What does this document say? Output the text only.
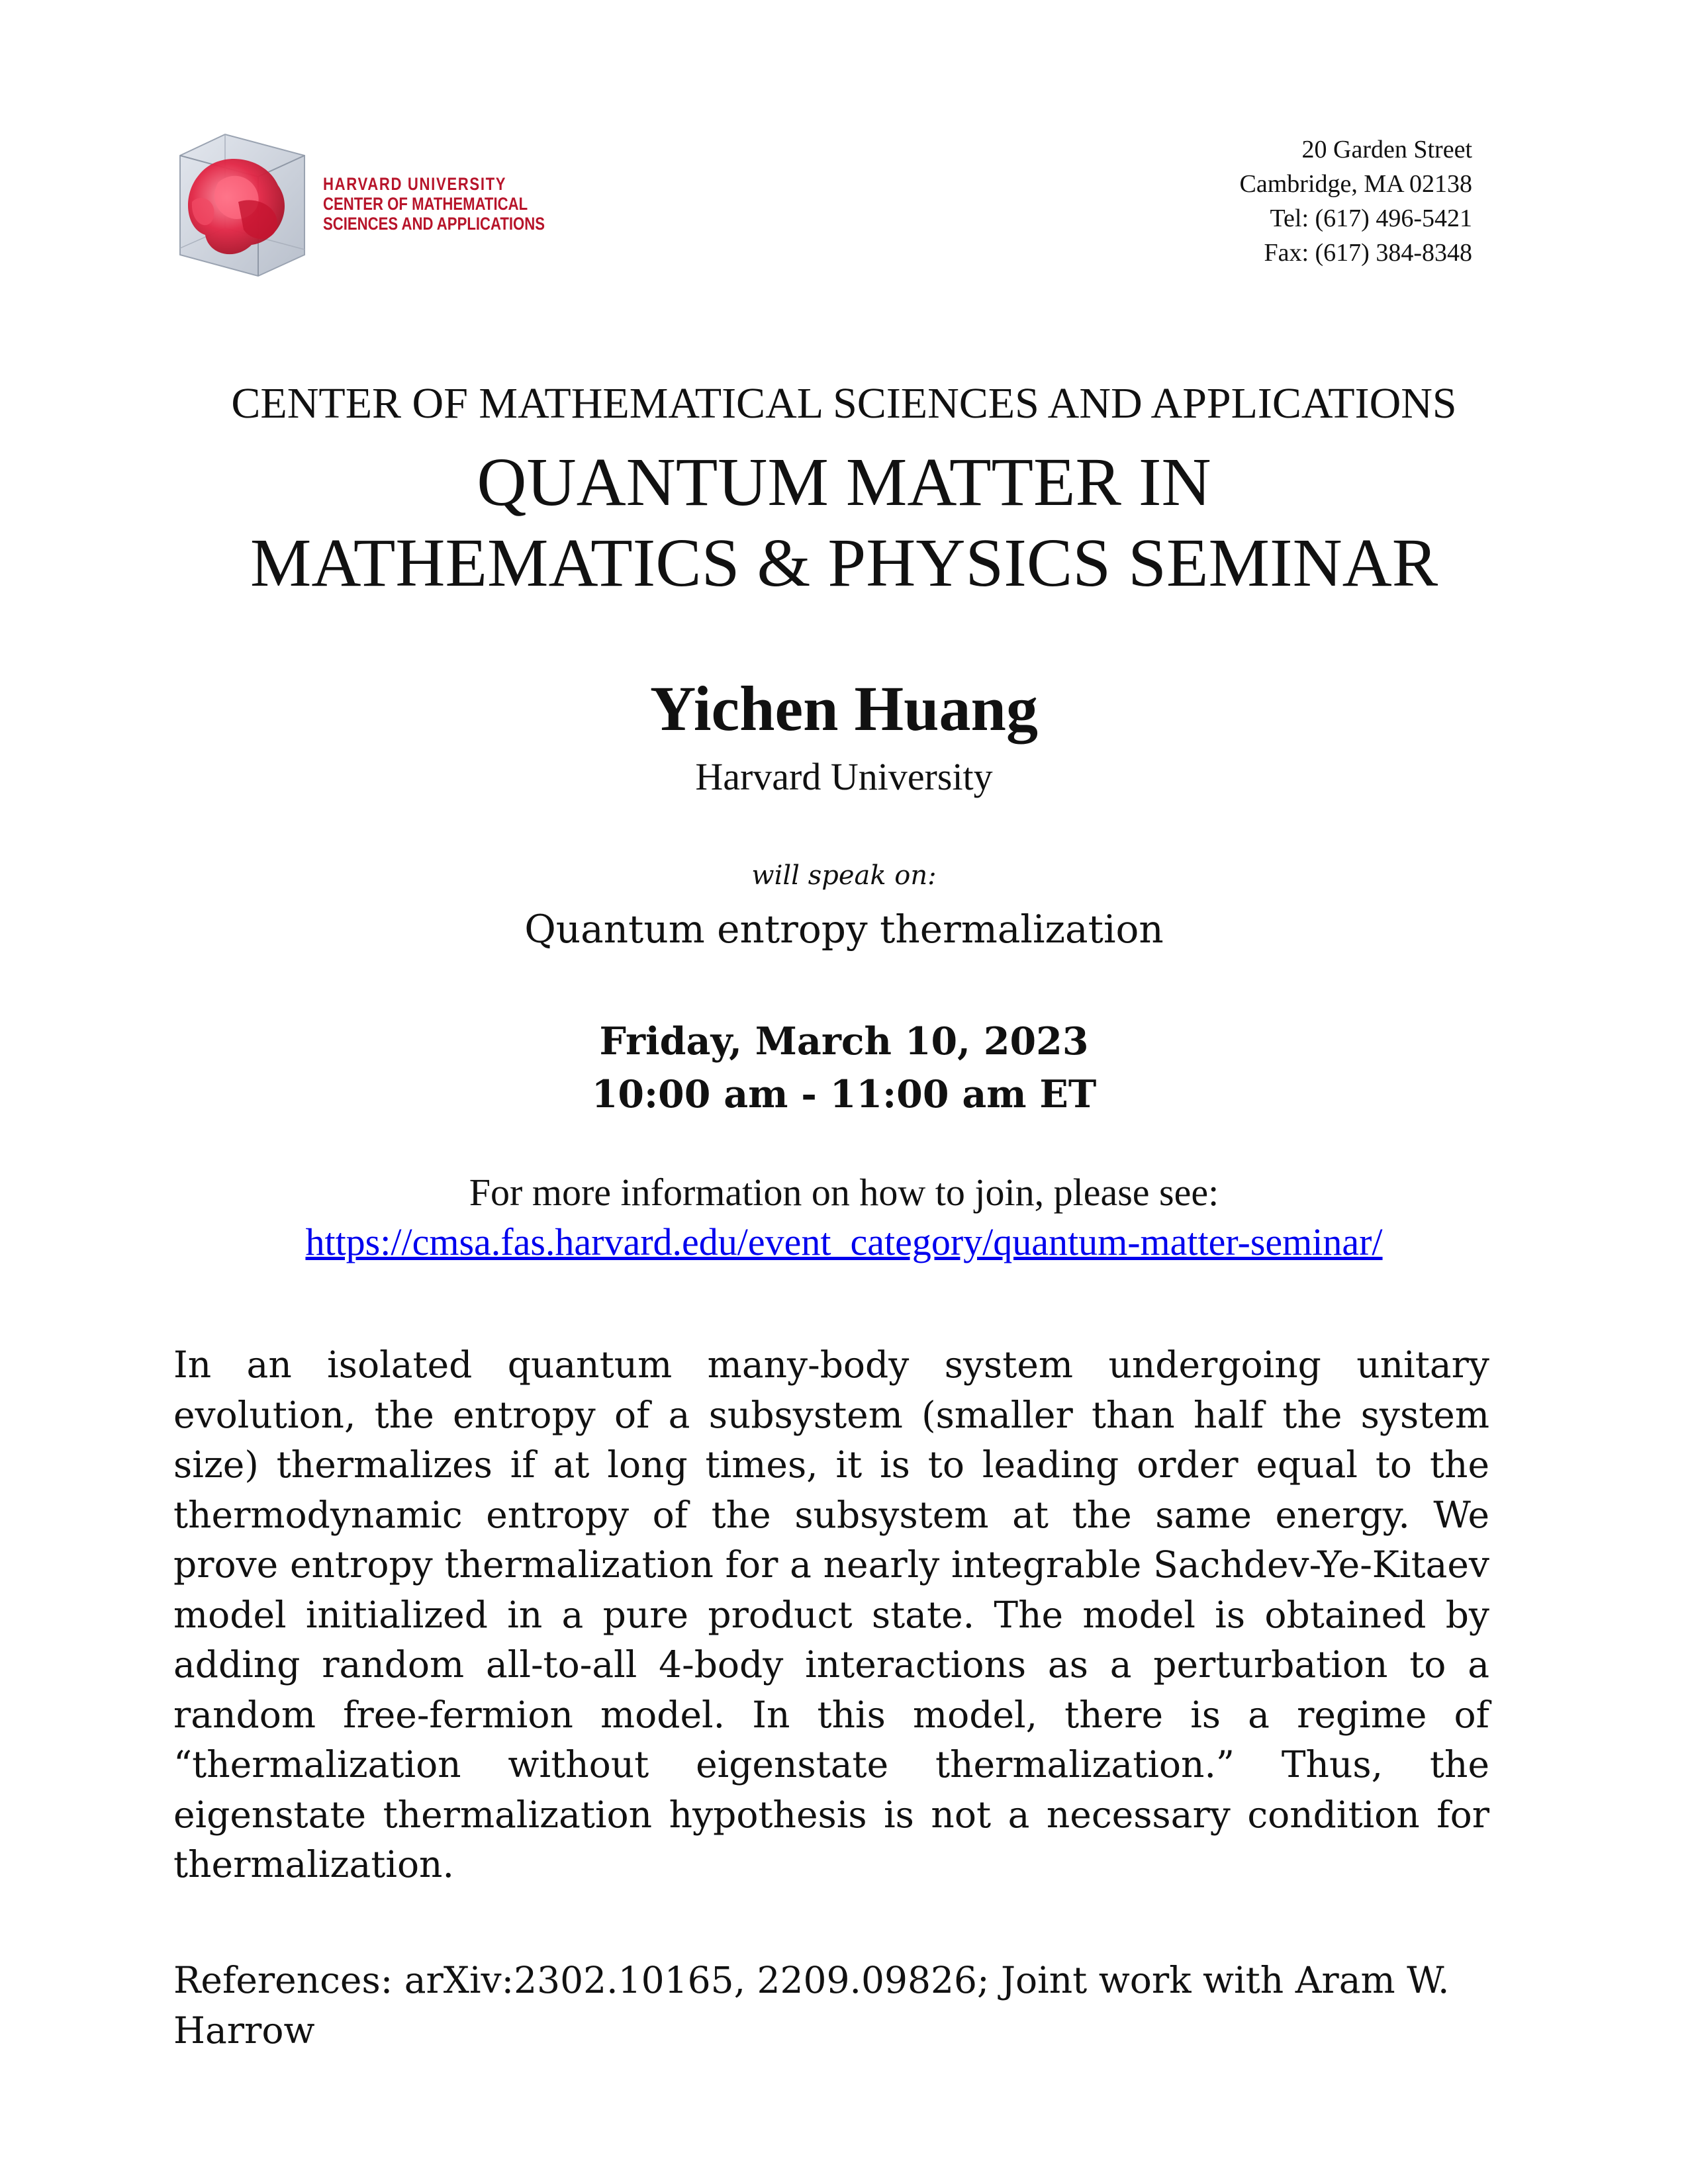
HARVARD UNIVERSITY
CENTER OF MATHEMATICAL
SCIENCES AND APPLICATIONS
20 Garden Street
Cambridge, MA 02138
Tel: (617) 496-5421
Fax: (617) 384-8348
CENTER OF MATHEMATICAL SCIENCES AND APPLICATIONS
QUANTUM MATTER IN
MATHEMATICS & PHYSICS SEMINAR
Yichen Huang
Harvard University
will speak on:
Quantum entropy thermalization
Friday, March 10, 2023
10:00 am - 11:00 am ET
For more information on how to join, please see:
https://cmsa.fas.harvard.edu/event_category/quantum-matter-seminar/

In an isolated quantum many-body system undergoing unitary evolution, the entropy of a subsystem (smaller than half the system size) thermalizes if at long times, it is to leading order equal to the thermodynamic entropy of the subsystem at the same energy. We prove entropy thermalization for a nearly integrable Sachdev-Ye-Kitaev model initialized in a pure product state. The model is obtained by adding random all-to-all 4-body interactions as a perturbation to a random free-fermion model. In this model, there is a regime of “thermalization without eigenstate thermalization.” Thus, the eigenstate thermalization hypothesis is not a necessary condition for thermalization.

References: arXiv:2302.10165, 2209.09826; Joint work with Aram W. Harrow
